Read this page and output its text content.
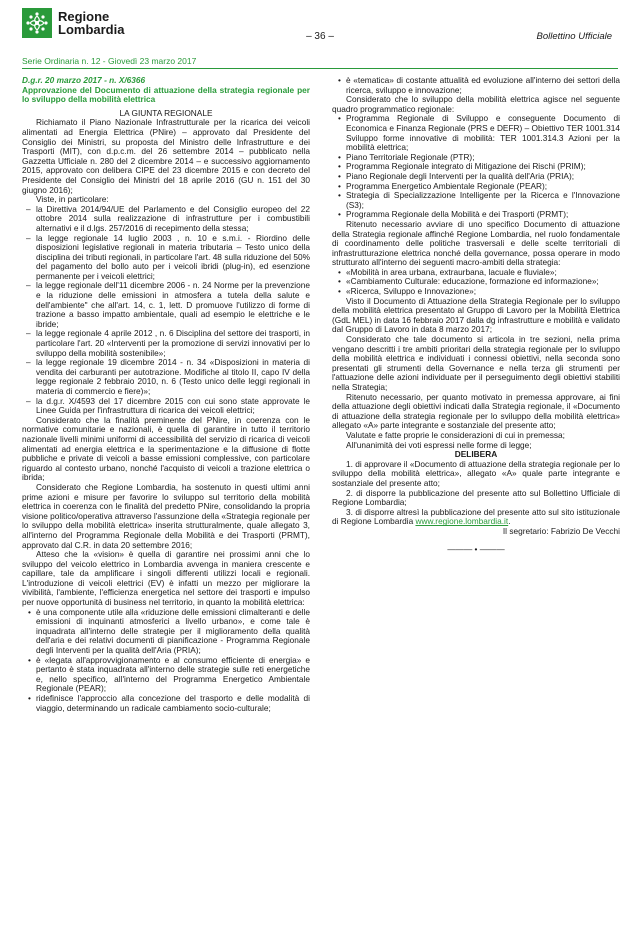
Regione
Lombardia	– 36 –	Bollettino Ufficiale
Serie Ordinaria n. 12 - Giovedì 23 marzo 2017

D.g.r. 20 marzo 2017 - n. X/6366

Approvazione del Documento di attuazione della strategia regionale per lo sviluppo della mobilità elettrica

LA GIUNTA REGIONALE

Richiamato il Piano Nazionale Infrastrutturale per la ricarica dei veicoli alimentati ad Energia Elettrica (PNire) – approvato dal Presidente del Consiglio dei Ministri, su proposta del Ministro delle Infrastrutture e dei Trasporti (MIT), con d.p.c.m. del 26 settembre 2014 – pubblicato nella Gazzetta Ufficiale n. 280 del 2 dicembre 2014 – e successivo aggiornamento 2015, approvato con delibera CIPE del 23 dicembre 2015 e con decreto del Presidente del Consiglio dei Ministri del 18 aprile 2016 (GU n. 151 del 30 giugno 2016);

Viste, in particolare:

– la Direttiva 2014/94/UE del Parlamento e del Consiglio europeo del 22 ottobre 2014 sulla realizzazione di infrastrutture per i combustibili alternativi e il d.lgs. 257/2016 di recepimento della stessa;
– la legge regionale 14 luglio 2003 , n. 10 e s.m.i. - Riordino delle disposizioni legislative regionali in materia tributaria – Testo unico della disciplina dei tributi regionali, in particolare l'art. 48 sulla riduzione del 50% del pagamento del bollo auto per i veicoli ibridi (plug-in), ed esenzione permanente per i veicoli elettrici;
– la legge regionale dell'11 dicembre 2006 - n. 24 Norme per la prevenzione e la riduzione delle emissioni in atmosfera a tutela della salute e dell'ambiente" che all'art. 14, c. 1, lett. D promuove l'utilizzo di forme di trazione a basso impatto ambientale, quali ad esempio le elettriche e le ibride;
– la legge regionale 4 aprile 2012 , n. 6 Disciplina del settore dei trasporti, in particolare l'art. 20 «Interventi per la promozione di servizi innovativi per lo sviluppo della mobilità sostenibile»;
– la legge regionale 19 dicembre 2014 - n. 34 «Disposizioni in materia di vendita dei carburanti per autotrazione. Modifiche al titolo II, capo IV della legge regionale 2 febbraio 2010, n. 6 (Testo unico delle leggi regionali in materia di commercio e fiere)»;
– la d.g.r. X/4593 del 17 dicembre 2015 con cui sono state approvate le Linee Guida per l'infrastruttura di ricarica dei veicoli elettrici;

Considerato che la finalità preminente del PNire, in coerenza con le normative comunitarie e nazionali, è quella di garantire in tutto il territorio nazionale livelli minimi uniformi di accessibilità del servizio di ricarica di veicoli alimentati ad energia elettrica e la sperimentazione e la diffusione di flotte pubbliche e private di veicoli a basse emissioni complessive, con particolare riguardo al contesto urbano, nonché l'acquisto di veicoli a trazione elettrica o ibrida;

Considerato che Regione Lombardia, ha sostenuto in questi ultimi anni prime azioni e misure per favorire lo sviluppo sul territorio della mobilità elettrica in coerenza con le finalità del predetto PNire, consolidando la propria visione politico/operativa attraverso l'assunzione della «Strategia regionale per lo sviluppo della mobilità elettrica» inserita strutturalmente, quale allegato 3, all'interno del Programma Regionale della Mobilità e dei Trasporti (PRMT), approvato dal C.R. in data 20 settembre 2016;

Atteso che la «vision» è quella di garantire nei prossimi anni che lo sviluppo del veicolo elettrico in Lombardia avvenga in maniera crescente e capillare, tale da amplificare i singoli differenti utilizzi locali e regionali. L'introduzione di veicoli elettrici (EV) è infatti un mezzo per migliorare la vivibilità, l'ambiente, l'efficienza energetica nel settore dei trasporti e impulso per nuove opportunità di business nel territorio, in quanto la mobilità elettrica:

• è una componente utile alla «riduzione delle emissioni climalteranti e delle emissioni di inquinanti atmosferici a livello urbano», e come tale è inquadrata all'interno delle strategie per il miglioramento della qualità dell'aria e dei relativi documenti di pianificazione - Programma Regionale degli Interventi per la qualità dell'Aria (PRIA);
• è «legata all'approvvigionamento e al consumo efficiente di energia» e pertanto è stata inquadrata all'interno delle strategie sulle reti energetiche e, nello specifico, all'interno del Programma Energetico Ambientale Regionale (PEAR);
• ridefinisce l'approccio alla concezione del trasporto e delle modalità di viaggio, determinando un radicale cambiamento socio-culturale;
• è «tematica» di costante attualità ed evoluzione all'interno dei settori della ricerca, sviluppo e innovazione;

Considerato che lo sviluppo della mobilità elettrica agisce nel seguente quadro programmatico regionale:

• Programma Regionale di Sviluppo e conseguente Documento di Economica e Finanza Regionale (PRS e DEFR) – Obiettivo TER 1001.314 Sviluppo forme innovative di mobilità: TER 1001.314.3 Azioni per la mobilità elettrica;
• Piano Territoriale Regionale (PTR);
• Programma Regionale integrato di Mitigazione dei Rischi (PRIM);
• Piano Regionale degli Interventi per la qualità dell'Aria (PRIA);
• Programma Energetico Ambientale Regionale (PEAR);
• Strategia di Specializzazione Intelligente per la Ricerca e l'Innovazione (S3);
• Programma Regionale della Mobilità e dei Trasporti (PRMT);

Ritenuto necessario avviare di uno specifico Documento di attuazione della Strategia regionale affinché Regione Lombardia, nel ruolo fondamentale di coordinamento delle politiche trasversali e delle scelte territoriali di infrastrutturazione elettrica nonché della governance, possa operare in modo strutturato all'interno dei seguenti macro-ambiti della strategia:

• «Mobilità in area urbana, extraurbana, lacuale e fluviale»;
• «Cambiamento Culturale: educazione, formazione ed informazione»;
• «Ricerca, Sviluppo e Innovazione»;

Visto il Documento di Attuazione della Strategia Regionale per lo sviluppo della mobilità elettrica presentato al Gruppo di Lavoro per la Mobilità Elettrica (GdL MEL) in data 16 febbraio 2017 dalla dg infrastrutture e mobilità e validato dal Gruppo di Lavoro in data 8 marzo 2017;

Considerato che tale documento si articola in tre sezioni, nella prima vengano descritti i tre ambiti prioritari della strategia regionale per lo sviluppo della mobilità elettrica e individuati i connessi obiettivi, nella seconda sono presentati gli strumenti della Governance e nella terza gli strumenti per l'attuazione delle azioni individuate per il perseguimento degli obiettivi stabiliti nella Strategia;

Ritenuto necessario, per quanto motivato in premessa approvare, ai fini della attuazione degli obiettivi indicati dalla Strategia regionale, il «Documento di attuazione della strategia regionale per lo sviluppo della mobilità elettrica» allegato «A» parte integrante e sostanziale del presente atto;

Valutate e fatte proprie le considerazioni di cui in premessa;

All'unanimità dei voti espressi nelle forme di legge;

DELIBERA

1. di approvare il «Documento di attuazione della strategia regionale per lo sviluppo della mobilità elettrica», allegato «A» quale parte integrante e sostanziale del presente atto;

2. di disporre la pubblicazione del presente atto sul Bollettino Ufficiale di Regione Lombardia;

3. di disporre altresì la pubblicazione del presente atto sul sito istituzionale di Regione Lombardia www.regione.lombardia.it.

Il segretario: Fabrizio De Vecchi

——— • ———
